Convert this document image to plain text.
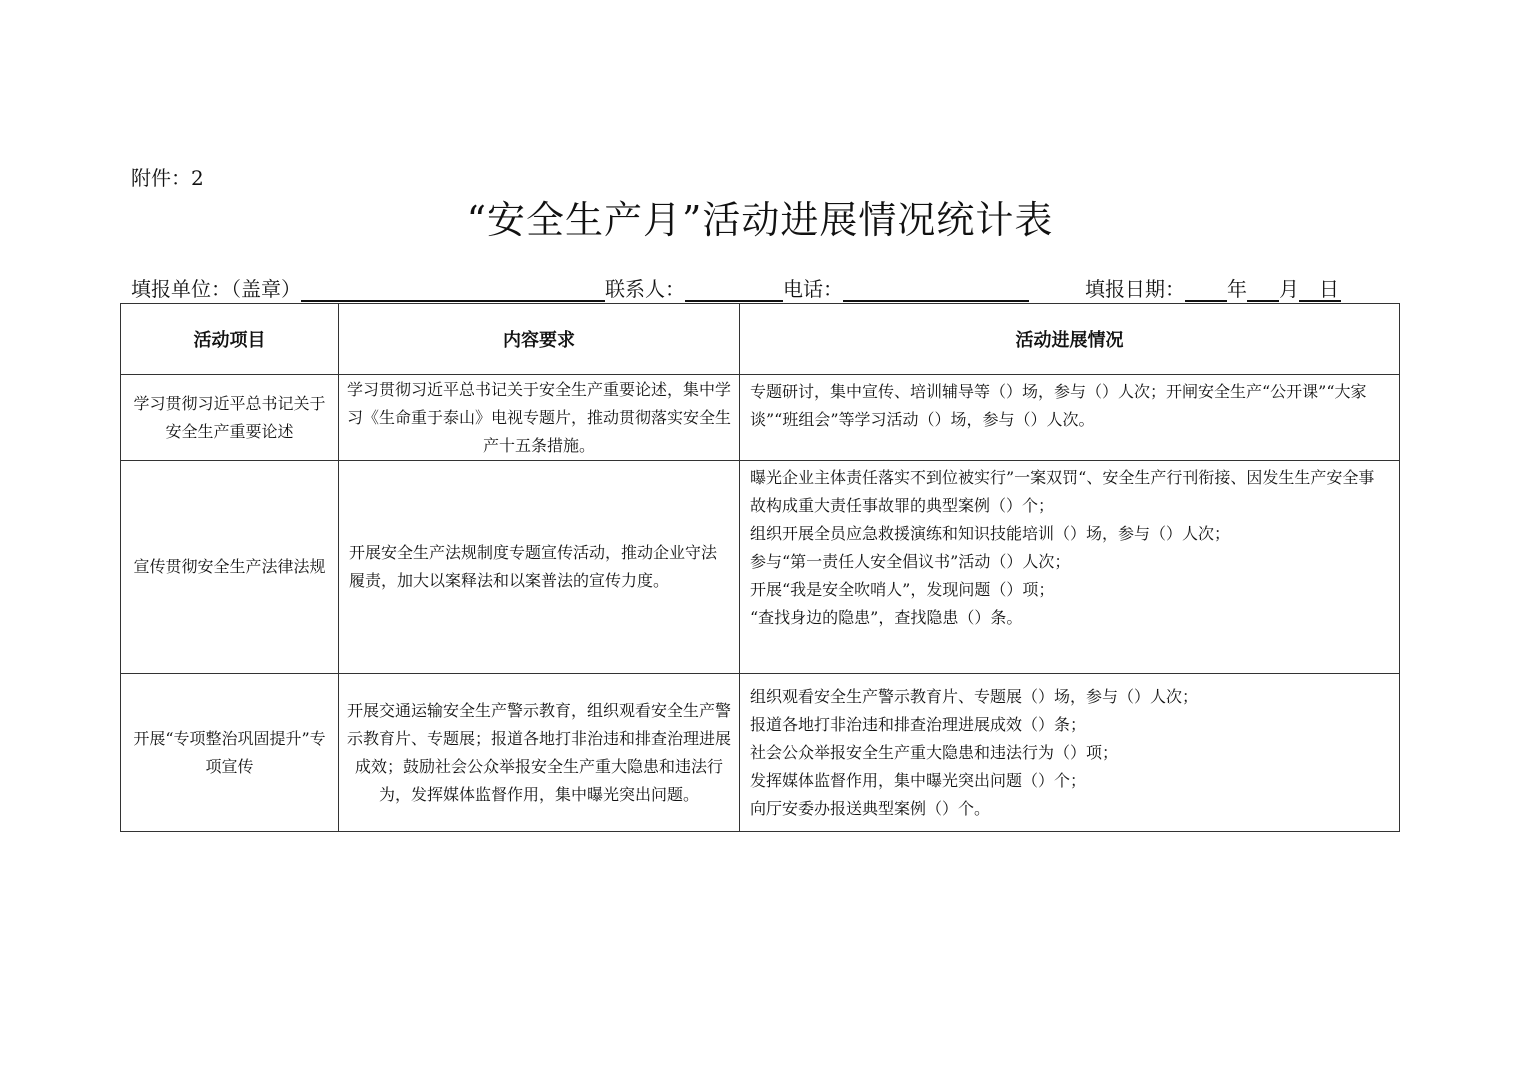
附件：2
“安全生产月”活动进展情况统计表
填报单位：（盖章）	联系人：	电话：	填报日期： 年 月 日
活动项目	内容要求	活动进展情况
学习贯彻习近平总书记关于安全生产重要论述	学习贯彻习近平总书记关于安全生产重要论述，集中学习《生命重于泰山》电视专题片，推动贯彻落实安全生产十五条措施。	专题研讨，集中宣传、培训辅导等（）场，参与（）人次；开闸安全生产“公开课”“大家谈”“班组会”等学习活动（）场，参与（）人次。

宣传贯彻安全生产法律法规	开展安全生产法规制度专题宣传活动，推动企业守法履责，加大以案释法和以案普法的宣传力度。	曝光企业主体责任落实不到位被实行”一案双罚“、安全生产行刊衔接、因发生生产安全事故构成重大责任事故罪的典型案例（）个；
组织开展全员应急救援演练和知识技能培训（）场，参与（）人次；
参与“第一责任人安全倡议书”活动（）人次；
开展“我是安全吹哨人”，发现问题（）项；
“查找身边的隐患”，查找隐患（）条。

开展“专项整治巩固提升”专项宣传	开展交通运输安全生产警示教育，组织观看安全生产警示教育片、专题展；报道各地打非治违和排查治理进展成效；鼓励社会公众举报安全生产重大隐患和违法行为，发挥媒体监督作用，集中曝光突出问题。	组织观看安全生产警示教育片、专题展（）场，参与（）人次；
报道各地打非治违和排查治理进展成效（）条；
社会公众举报安全生产重大隐患和违法行为（）项；
发挥媒体监督作用，集中曝光突出问题（）个；
向厅安委办报送典型案例（）个。
